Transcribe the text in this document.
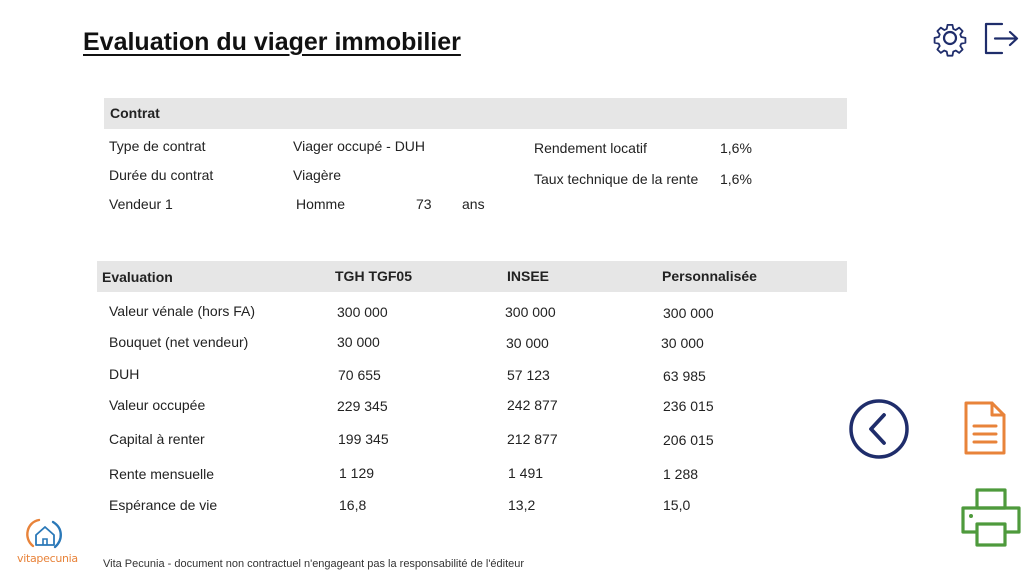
Evaluation du viager immobilier
Contrat
Type de contrat	Viager occupé - DUH
Durée du contrat	Viagère
Vendeur 1	Homme	73 ans
Rendement locatif	1,6%
Taux technique de la rente 1,6%
Evaluation	TGH TGF05	INSEE	Personnalisée
Valeur vénale (hors FA)	300 000	300 000	300 000
Bouquet (net vendeur)	30 000	30 000	30 000
DUH	70 655	57 123	63 985
Valeur occupée	229 345	242 877	236 015
Capital à renter	199 345	212 877	206 015
Rente mensuelle	1 129	1 491	1 288
Espérance de vie	16,8	13,2	15,0
vitapecunia Vita Pecunia - document non contractuel n'engageant pas la responsabilité de l'éditeur
